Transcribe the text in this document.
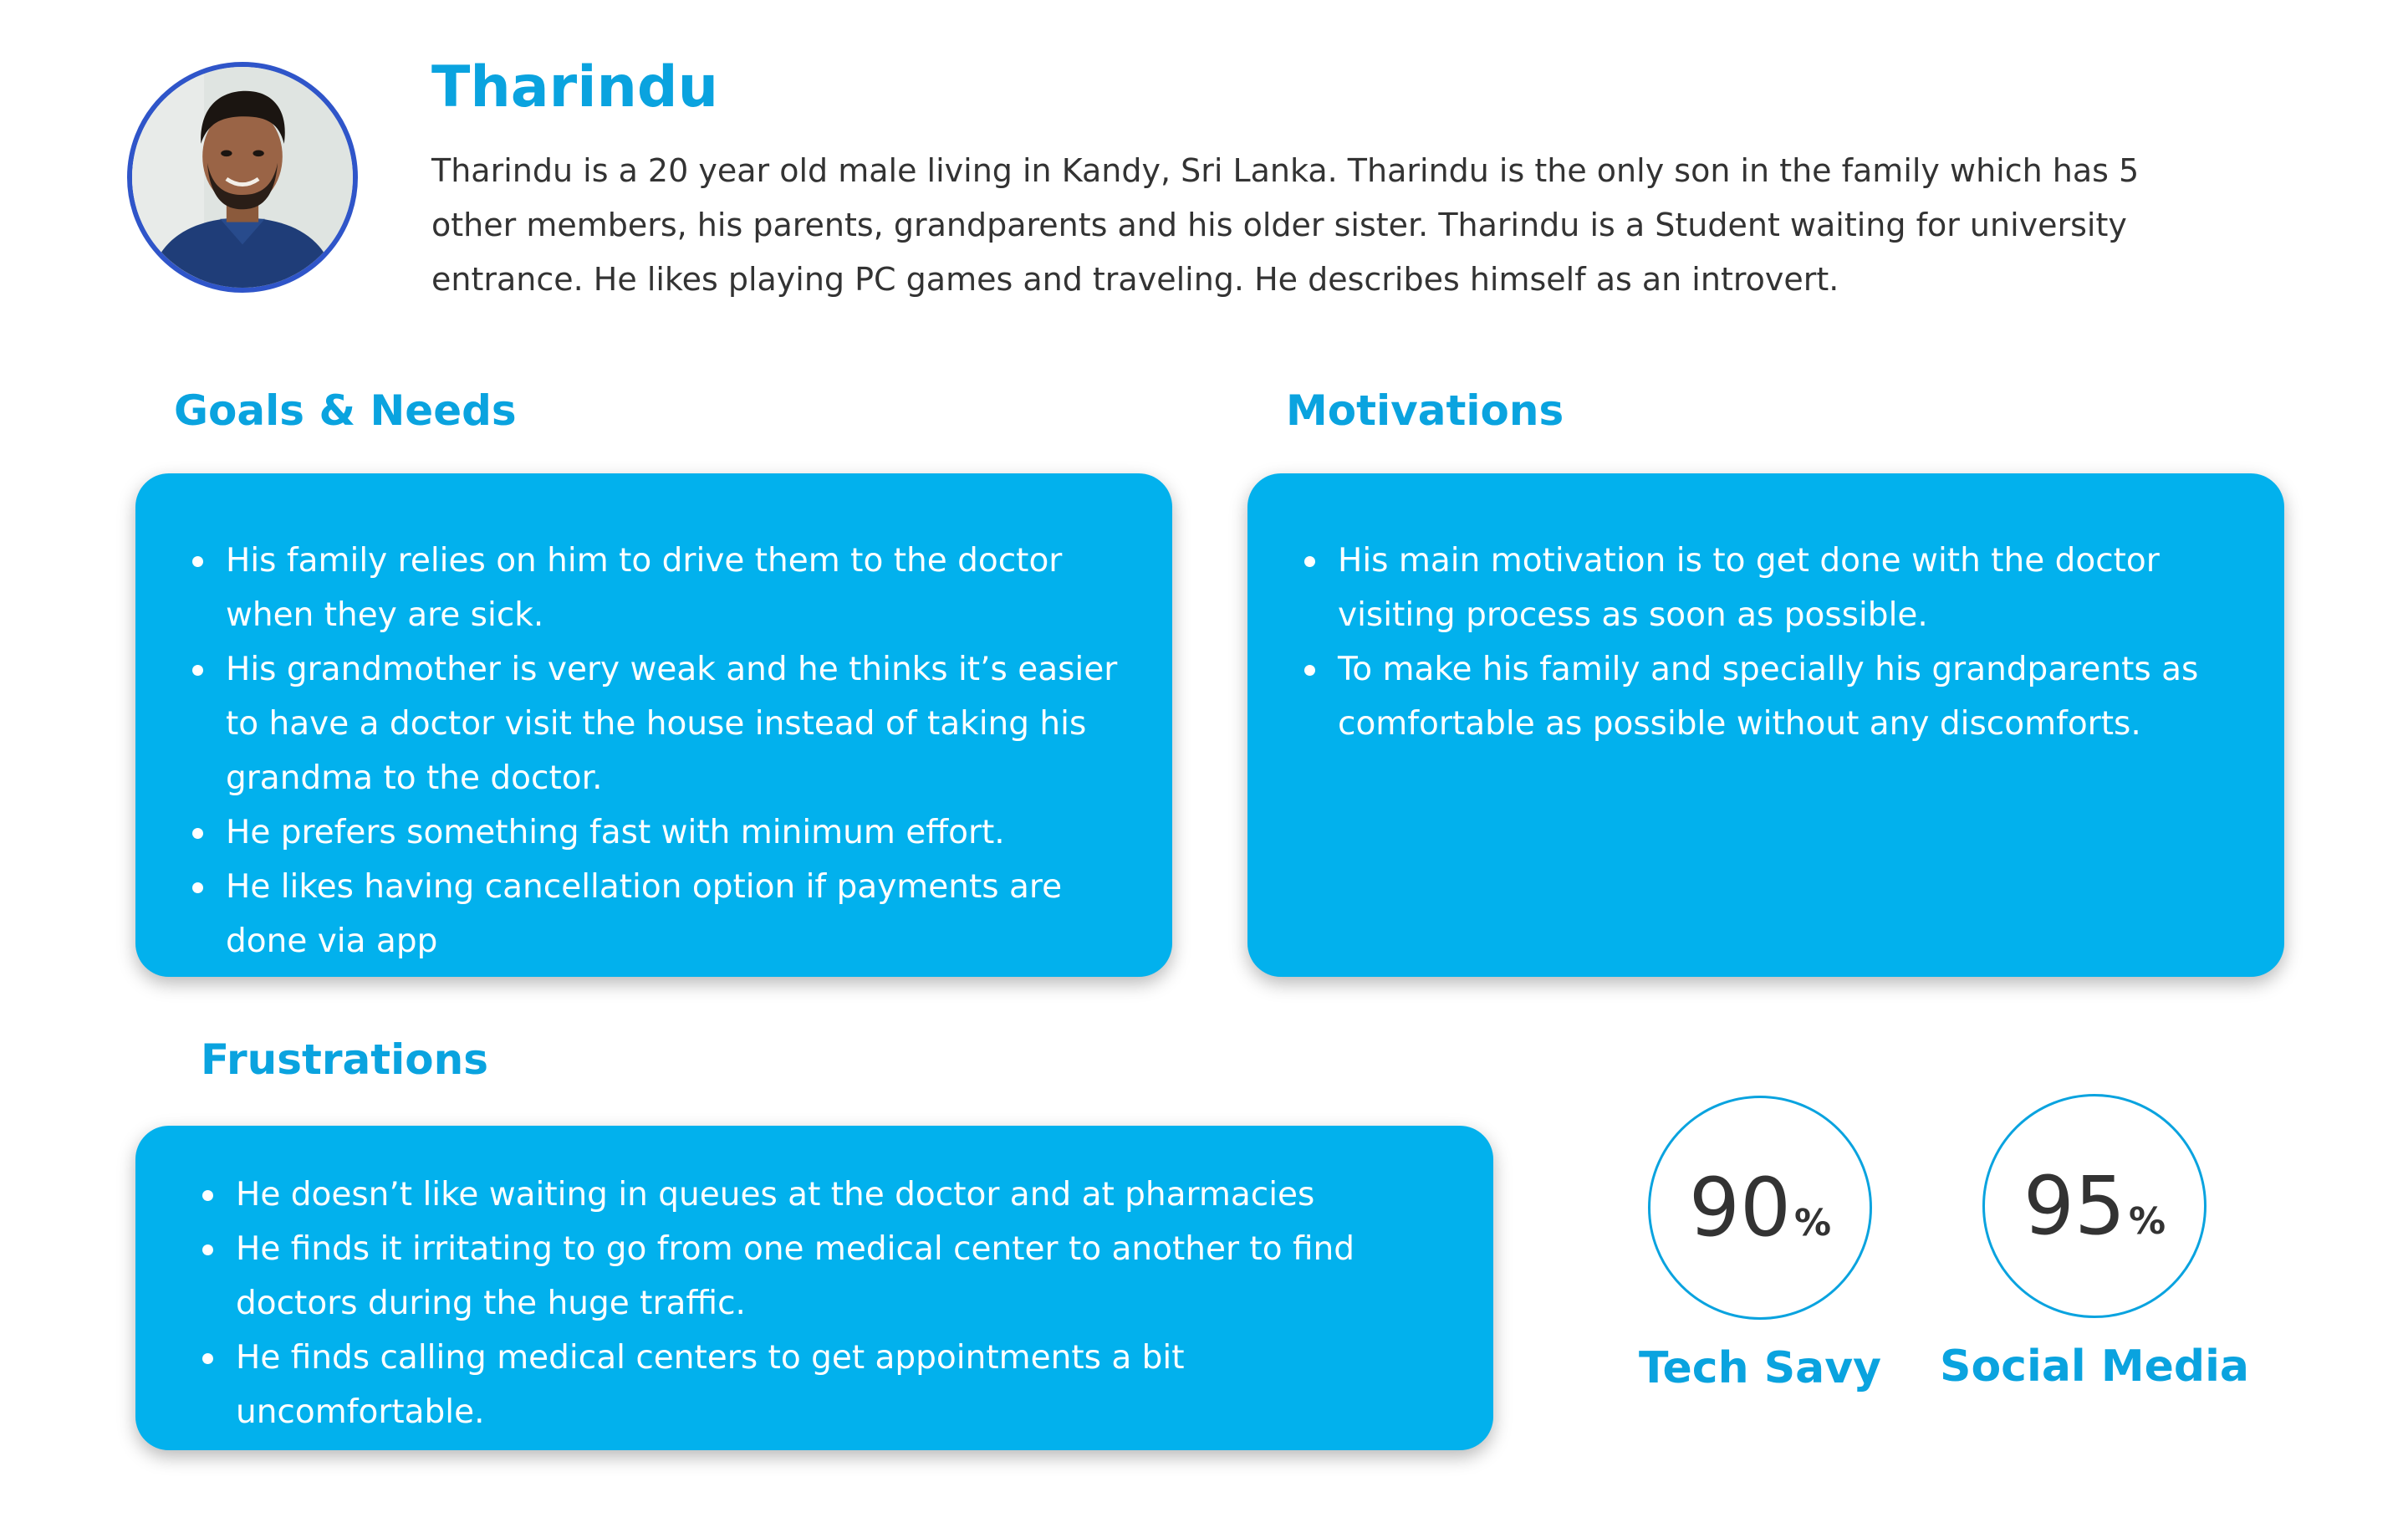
Tharindu

Tharindu is a 20 year old male living in Kandy, Sri Lanka. Tharindu is the only son in the family which has 5 other members, his parents, grandparents and his older sister. Tharindu is a Student waiting for university entrance. He likes playing PC games and traveling. He describes himself as an introvert.

Goals & Needs
His family relies on him to drive them to the doctor when they are sick.
His grandmother is very weak and he thinks it’s easier to have a doctor visit the house instead of taking his grandma to the doctor.
He prefers something fast with minimum effort.
He likes having cancellation option if payments are done via app
Motivations
His main motivation is to get done with the doctor visiting process as soon as possible.
To make his family and specially his grandparents as comfortable as possible without any discomforts.
Frustrations
He doesn’t like waiting in queues at the doctor and at pharmacies
He finds it irritating to go from one medical center to another to find doctors during the huge traffic.
He finds calling medical centers to get appointments a bit uncomfortable.
90 %
Tech Savy
95 %
Social Media
